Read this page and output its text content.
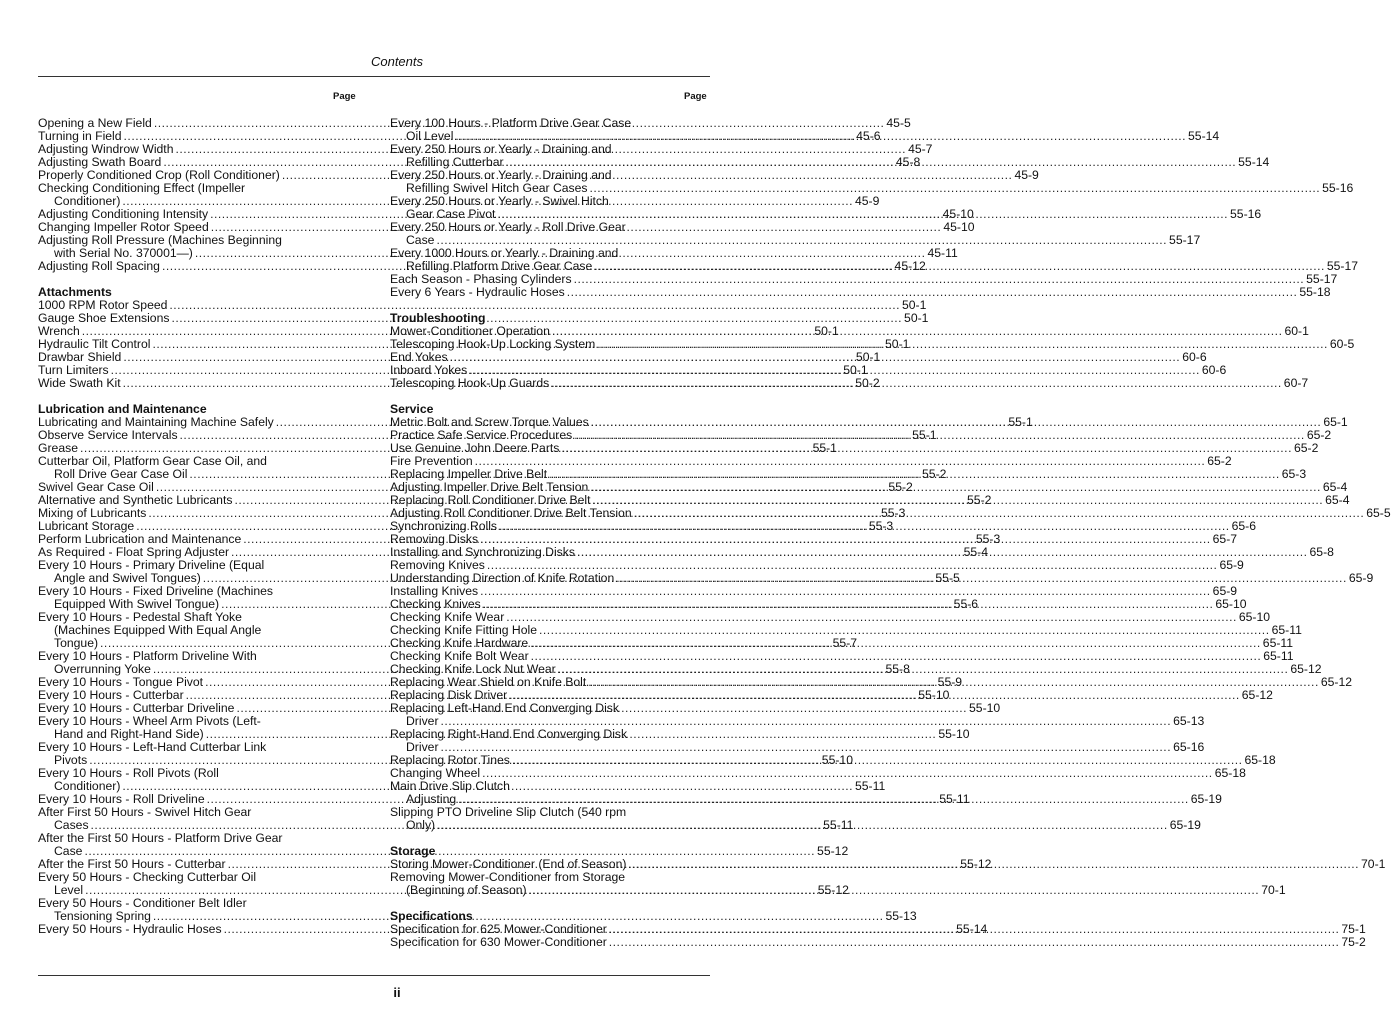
Contents
Page	Page
Opening a New Field .....	45-5
Turning in Field .....	45-6
Adjusting Windrow Width .....	45-7
Adjusting Swath Board .....	45-8
Properly Conditioned Crop (Roll Conditioner) .....	45-9
Checking Conditioning Effect (Impeller
Conditioner) .....	45-9
Adjusting Conditioning Intensity .....	45-10
Changing Impeller Rotor Speed .....	45-10
Adjusting Roll Pressure (Machines Beginning
with Serial No. 370001—) .....	45-11
Adjusting Roll Spacing .....	45-12
Attachments
1000 RPM Rotor Speed .....	50-1
Gauge Shoe Extensions .....	50-1
Wrench .....	50-1
Hydraulic Tilt Control .....	50-1
Drawbar Shield .....	50-1
Turn Limiters .....	50-1
Wide Swath Kit .....	50-2
Lubrication and Maintenance
Lubricating and Maintaining Machine Safely .....	55-1
Observe Service Intervals .....	55-1
Grease .....	55-1
Cutterbar Oil, Platform Gear Case Oil, and
Roll Drive Gear Case Oil .....	55-2
Swivel Gear Case Oil .....	55-2
Alternative and Synthetic Lubricants .....	55-2
Mixing of Lubricants .....	55-3
Lubricant Storage .....	55-3
Perform Lubrication and Maintenance .....	55-3
As Required - Float Spring Adjuster .....	55-4
Every 10 Hours - Primary Driveline (Equal
Angle and Swivel Tongues) .....	55-5
Every 10 Hours - Fixed Driveline (Machines
Equipped With Swivel Tongue) .....	55-6
Every 10 Hours - Pedestal Shaft Yoke
(Machines Equipped With Equal Angle
Tongue) .....	55-7
Every 10 Hours - Platform Driveline With
Overrunning Yoke .....	55-8
Every 10 Hours - Tongue Pivot .....	55-9
Every 10 Hours - Cutterbar .....	55-10
Every 10 Hours - Cutterbar Driveline .....	55-10
Every 10 Hours - Wheel Arm Pivots (Left-
Hand and Right-Hand Side) .....	55-10
Every 10 Hours - Left-Hand Cutterbar Link
Pivots .....	55-10
Every 10 Hours - Roll Pivots (Roll
Conditioner) .....	55-11
Every 10 Hours - Roll Driveline .....	55-11
After First 50 Hours - Swivel Hitch Gear
Cases .....	55-11
After the First 50 Hours - Platform Drive Gear
Case .....	55-12
After the First 50 Hours - Cutterbar .....	55-12
Every 50 Hours - Checking Cutterbar Oil
Level .....	55-12
Every 50 Hours - Conditioner Belt Idler
Tensioning Spring .....	55-13
Every 50 Hours - Hydraulic Hoses .....	55-14
Every 100 Hours - Platform Drive Gear Case
Oil Level .....	55-14
Every 250 Hours or Yearly - Draining and
Refilling Cutterbar .....	55-14
Every 250 Hours or Yearly - Draining and
Refilling Swivel Hitch Gear Cases .....	55-16
Every 250 Hours or Yearly - Swivel Hitch
Gear Case Pivot .....	55-16
Every 250 Hours or Yearly - Roll Drive Gear
Case .....	55-17
Every 1000 Hours or Yearly - Draining and
Refilling Platform Drive Gear Case .....	55-17
Each Season - Phasing Cylinders .....	55-17
Every 6 Years - Hydraulic Hoses .....	55-18
Troubleshooting
Mower-Conditioner Operation .....	60-1
Telescoping Hook-Up Locking System .....	60-5
End Yokes .....	60-6
Inboard Yokes .....	60-6
Telescoping Hook-Up Guards .....	60-7
Service
Metric Bolt and Screw Torque Values .....	65-1
Practice Safe Service Procedures .....	65-2
Use Genuine John Deere Parts .....	65-2
Fire Prevention .....	65-2
Replacing Impeller Drive Belt .....	65-3
Adjusting Impeller Drive Belt Tension .....	65-4
Replacing Roll Conditioner Drive Belt .....	65-4
Adjusting Roll Conditioner Drive Belt Tension .....	65-5
Synchronizing Rolls .....	65-6
Removing Disks .....	65-7
Installing and Synchronizing Disks .....	65-8
Removing Knives .....	65-9
Understanding Direction of Knife Rotation .....	65-9
Installing Knives .....	65-9
Checking Knives .....	65-10
Checking Knife Wear .....	65-10
Checking Knife Fitting Hole .....	65-11
Checking Knife Hardware .....	65-11
Checking Knife Bolt Wear .....	65-11
Checking Knife Lock Nut Wear .....	65-12
Replacing Wear Shield on Knife Bolt .....	65-12
Replacing Disk Driver .....	65-12
Replacing Left-Hand End Converging Disk
Driver .....	65-13
Replacing Right-Hand End Converging Disk
Driver .....	65-16
Replacing Rotor Tines .....	65-18
Changing Wheel .....	65-18
Main Drive Slip Clutch
Adjusting .....	65-19
Slipping PTO Driveline Slip Clutch (540 rpm
Only) .....	65-19
Storage
Storing Mower-Conditioner (End of Season) .....	70-1
Removing Mower-Conditioner from Storage
(Beginning of Season) .....	70-1
Specifications
Specification for 625 Mower-Conditioner .....	75-1
Specification for 630 Mower-Conditioner .....	75-2
ii
